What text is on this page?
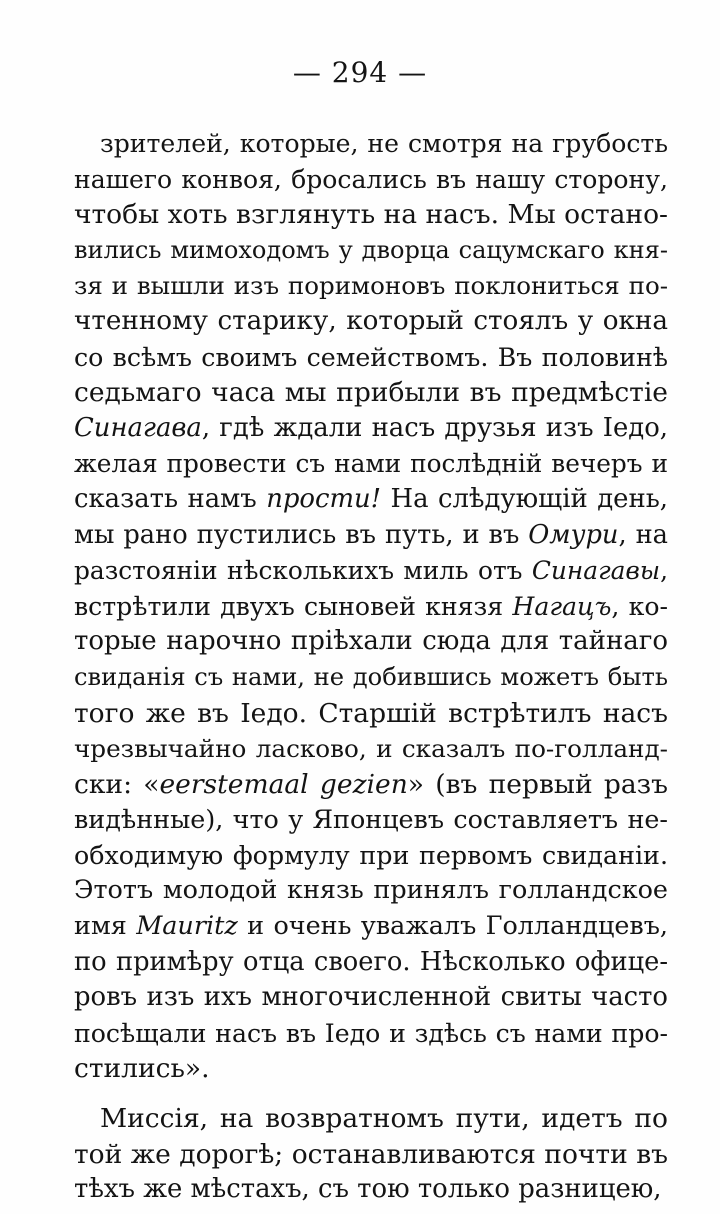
— 294 —
зрителей, которые, не смотря на грубость
нашего конвоя, бросались въ нашу сторону,
чтобы хоть взглянуть на насъ. Мы остано-
вились мимоходомъ у дворца сацумскаго кня-
зя и вышли изъ поримоновъ поклониться по-
чтенному старику, который стоялъ у окна
со всѣмъ своимъ семействомъ. Въ половинѣ
седьмаго часа мы прибыли въ предмѣстіе
Синагава, гдѣ ждали насъ друзья изъ Іедо,
желая провести съ нами послѣдній вечеръ и
сказать намъ прости! На слѣдующій день,
мы рано пустились въ путь, и въ Омури, на
разстояніи нѣсколькихъ миль отъ Синагавы,
встрѣтили двухъ сыновей князя Нагацъ, ко-
торые нарочно пріѣхали сюда для тайнаго
свиданія съ нами, не добившись можетъ быть
того же въ Іедо. Старшій встрѣтилъ насъ
чрезвычайно ласково, и сказалъ по-голланд-
ски: «eerstemaal gezien» (въ первый разъ
видѣнные), что у Японцевъ составляетъ не-
обходимую формулу при первомъ свиданіи.
Этотъ молодой князь принялъ голландское
имя Mauritz и очень уважалъ Голландцевъ,
по примѣру отца своего. Нѣсколько офице-
ровъ изъ ихъ многочисленной свиты часто
посѣщали насъ въ Іедо и здѣсь съ нами про-
стились».
Миссія, на возвратномъ пути, идетъ по
той же дорогѣ; останавливаются почти въ
тѣхъ же мѣстахъ, съ тою только разницею,
